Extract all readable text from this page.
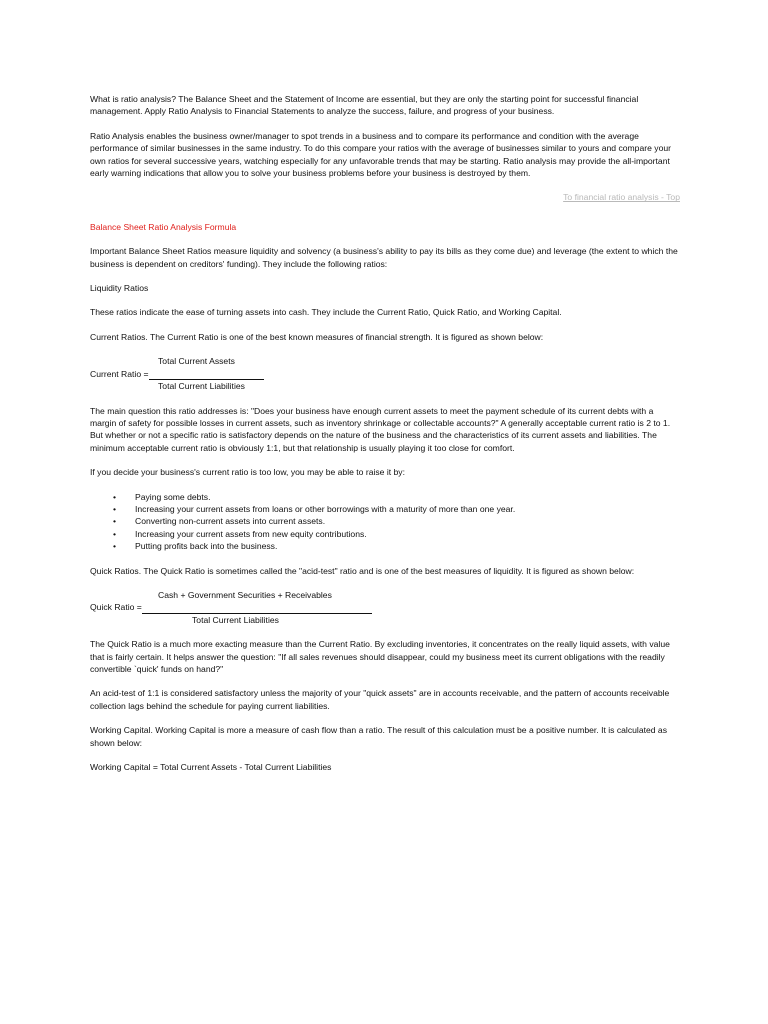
What is ratio analysis? The Balance Sheet and the Statement of Income are essential, but they are only the starting point for successful financial management. Apply Ratio Analysis to Financial Statements to analyze the success, failure, and progress of your business.

Ratio Analysis enables the business owner/manager to spot trends in a business and to compare its performance and condition with the average performance of similar businesses in the same industry. To do this compare your ratios with the average of businesses similar to yours and compare your own ratios for several successive years, watching especially for any unfavorable trends that may be starting. Ratio analysis may provide the all-important early warning indications that allow you to solve your business problems before your business is destroyed by them.

To financial ratio analysis - Top

Balance Sheet Ratio Analysis Formula

Important Balance Sheet Ratios measure liquidity and solvency (a business's ability to pay its bills as they come due) and leverage (the extent to which the business is dependent on creditors' funding). They include the following ratios:

Liquidity Ratios

These ratios indicate the ease of turning assets into cash. They include the Current Ratio, Quick Ratio, and Working Capital.

Current Ratios. The Current Ratio is one of the best known measures of financial strength. It is figured as shown below:

Total Current Assets
Current Ratio =
Total Current Liabilities

The main question this ratio addresses is: "Does your business have enough current assets to meet the payment schedule of its current debts with a margin of safety for possible losses in current assets, such as inventory shrinkage or collectable accounts?" A generally acceptable current ratio is 2 to 1. But whether or not a specific ratio is satisfactory depends on the nature of the business and the characteristics of its current assets and liabilities. The minimum acceptable current ratio is obviously 1:1, but that relationship is usually playing it too close for comfort.

If you decide your business's current ratio is too low, you may be able to raise it by:

• Paying some debts.
• Increasing your current assets from loans or other borrowings with a maturity of more than one year.
• Converting non-current assets into current assets.
• Increasing your current assets from new equity contributions.
• Putting profits back into the business.

Quick Ratios. The Quick Ratio is sometimes called the "acid-test" ratio and is one of the best measures of liquidity. It is figured as shown below:

Cash + Government Securities + Receivables
Quick Ratio =
Total Current Liabilities

The Quick Ratio is a much more exacting measure than the Current Ratio. By excluding inventories, it concentrates on the really liquid assets, with value that is fairly certain. It helps answer the question: "If all sales revenues should disappear, could my business meet its current obligations with the readily convertible `quick' funds on hand?"

An acid-test of 1:1 is considered satisfactory unless the majority of your "quick assets" are in accounts receivable, and the pattern of accounts receivable collection lags behind the schedule for paying current liabilities.

Working Capital. Working Capital is more a measure of cash flow than a ratio. The result of this calculation must be a positive number. It is calculated as shown below:

Working Capital = Total Current Assets - Total Current Liabilities
